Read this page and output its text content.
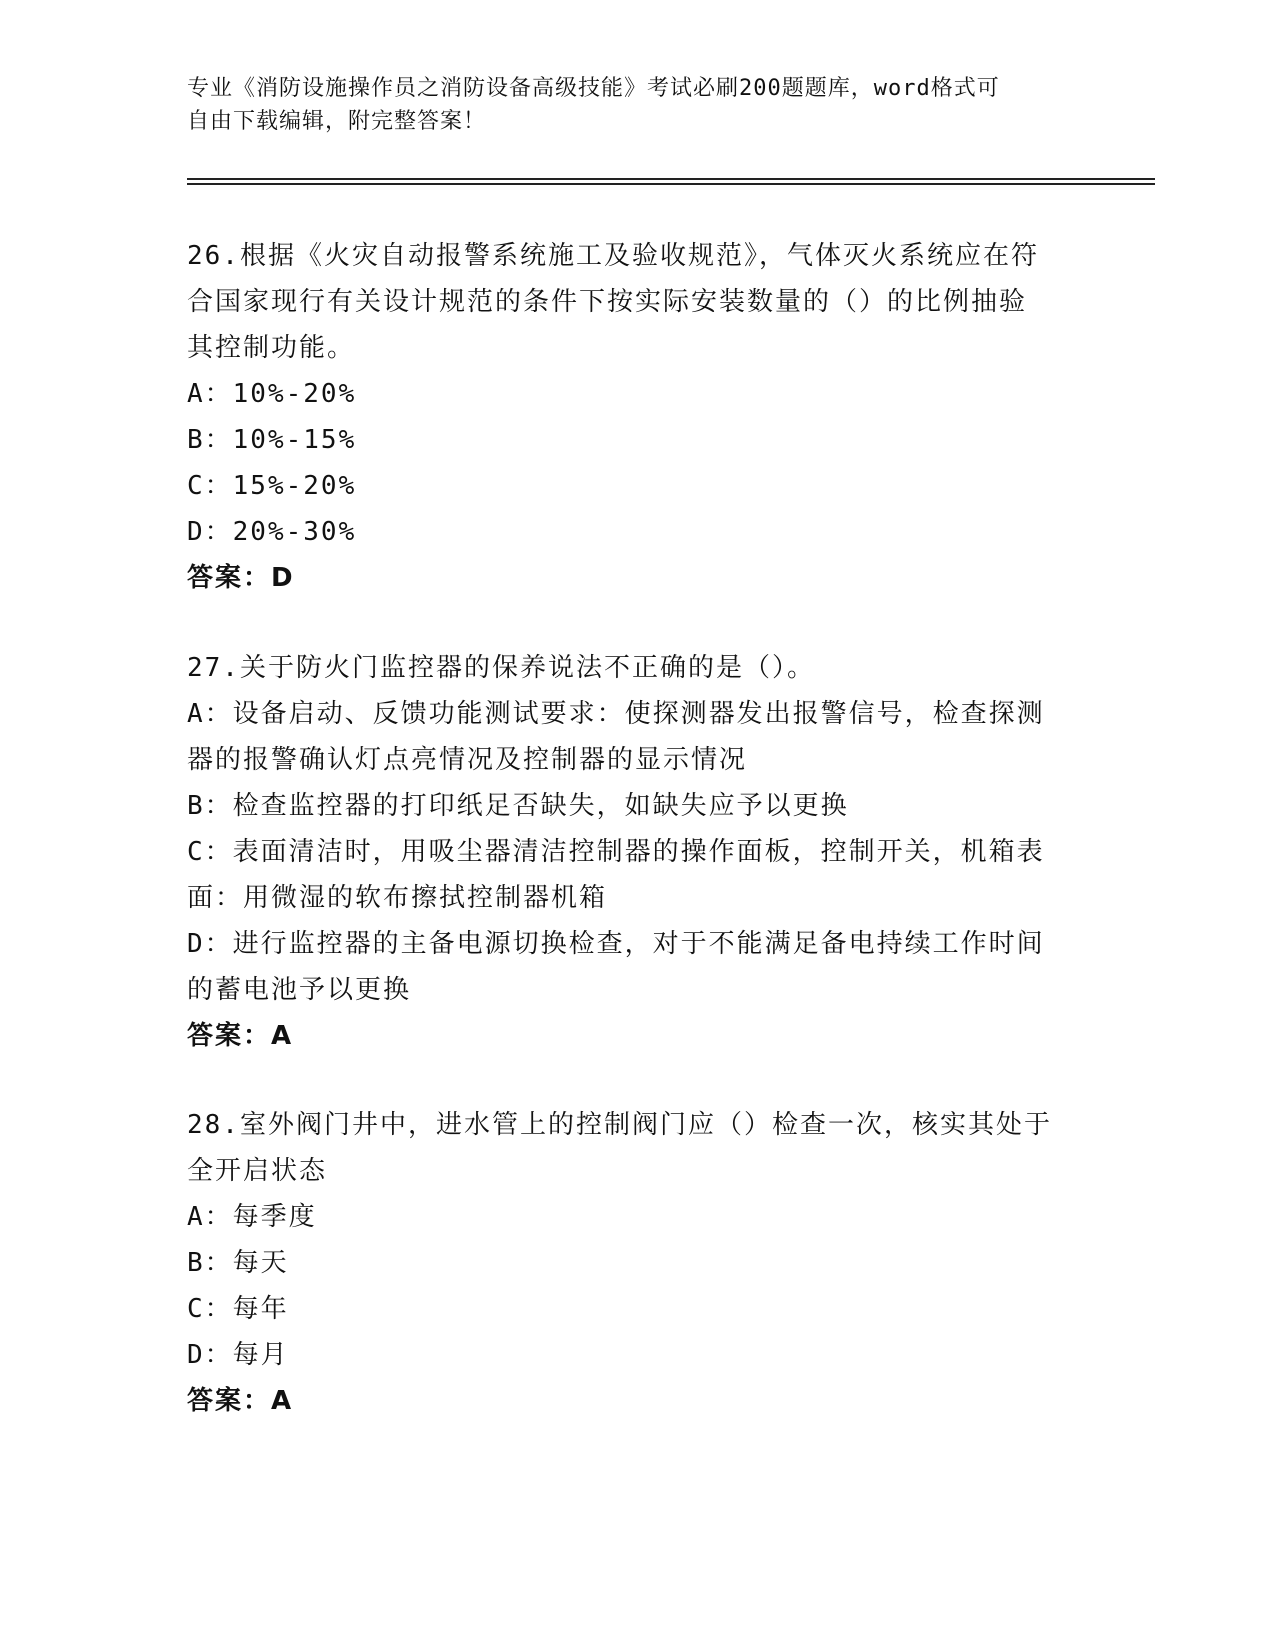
专业《消防设施操作员之消防设备高级技能》考试必刷200题题库，word格式可
自由下载编辑，附完整答案！
26.根据《火灾自动报警系统施工及验收规范》，气体灭火系统应在符
合国家现行有关设计规范的条件下按实际安装数量的（）的比例抽验
其控制功能。
A：10%-20%
B：10%-15%
C：15%-20%
D：20%-30%
答案：D
27.关于防火门监控器的保养说法不正确的是（）。
A：设备启动、反馈功能测试要求：使探测器发出报警信号，检查探测
器的报警确认灯点亮情况及控制器的显示情况
B：检查监控器的打印纸足否缺失，如缺失应予以更换
C：表面清洁时，用吸尘器清洁控制器的操作面板，控制开关，机箱表
面：用微湿的软布擦拭控制器机箱
D：进行监控器的主备电源切换检查，对于不能满足备电持续工作时间
的蓄电池予以更换
答案：A
28.室外阀门井中，进水管上的控制阀门应（）检查一次，核实其处于
全开启状态
A：每季度
B：每天
C：每年
D：每月
答案：A
